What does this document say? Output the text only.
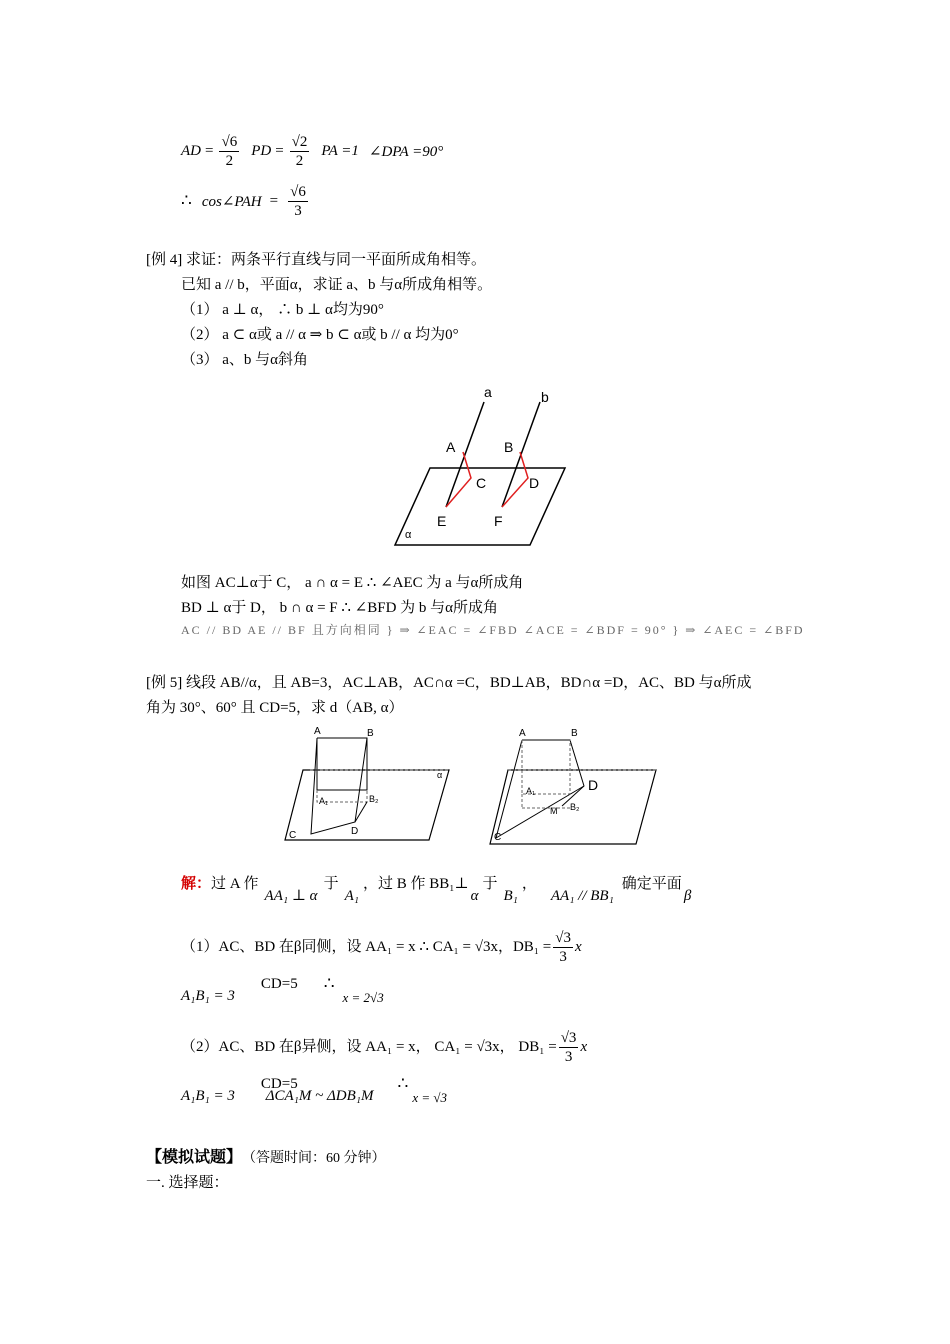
AD = $\frac{√6}{2}$ PD = $\frac{√2}{2}$ PA =1 ∠DPA =90°
∴ cos∠PAH = $\frac{√6}{3}$
[例 4] 求证：两条平行直线与同一平面所成角相等。
已知 a // b，平面α，求证 a、b 与α所成角相等。
（1） a ⊥ α， ∴ b ⊥ α均为90°
（2） a ⊂ α或 a // α ⇒ b ⊂ α或 b // α 均为0°
（3） a、b 与α斜角
a	b
A	B
C	D
E	F
α
如图 AC⊥α于 C， a ∩ α = E ∴ ∠AEC 为 a 与α所成角
BD ⊥ α于 D， b ∩ α = F ∴ ∠BFD 为 b 与α所成角
AC // BD AE // BF 且方向相同 } ⇒ ∠EAC = ∠FBD ∠ACE = ∠BDF = 90° } ⇒ ∠AEC = ∠BFD
[例 5] 线段 AB//α，且 AB=3，AC⊥AB，AC∩α =C，BD⊥AB，BD∩α =D，AC、BD 与α所成
角为 30°、60° 且 CD=5，求 d（AB, α）
A	B
A₁	B₂
C	D
α
A	B
D
A₁
M B₂
C
解： 过 A 作
AA₁ ⊥ α
于
A₁
，过 B 作 BB₁⊥
α
于
B₁
，
AA₁ // BB₁
确定平面
β
（1）AC、BD 在β同侧，设 AA₁ = x ∴ CA₁ = √3x，$DB_1 = \frac{√3}{3}$ x
A₁B₁ = 3
CD=5 ∴
x = 2√3
（2）AC、BD 在β异侧，设 AA₁ = x， CA₁ = √3x， $DB_1 = \frac{√3}{3}$ x
A₁B₁ = 3
CD=5
ΔCA₁M ~ ΔDB₁M
∴
x = √3
【模拟试题】 （答题时间：60 分钟）
一. 选择题：
